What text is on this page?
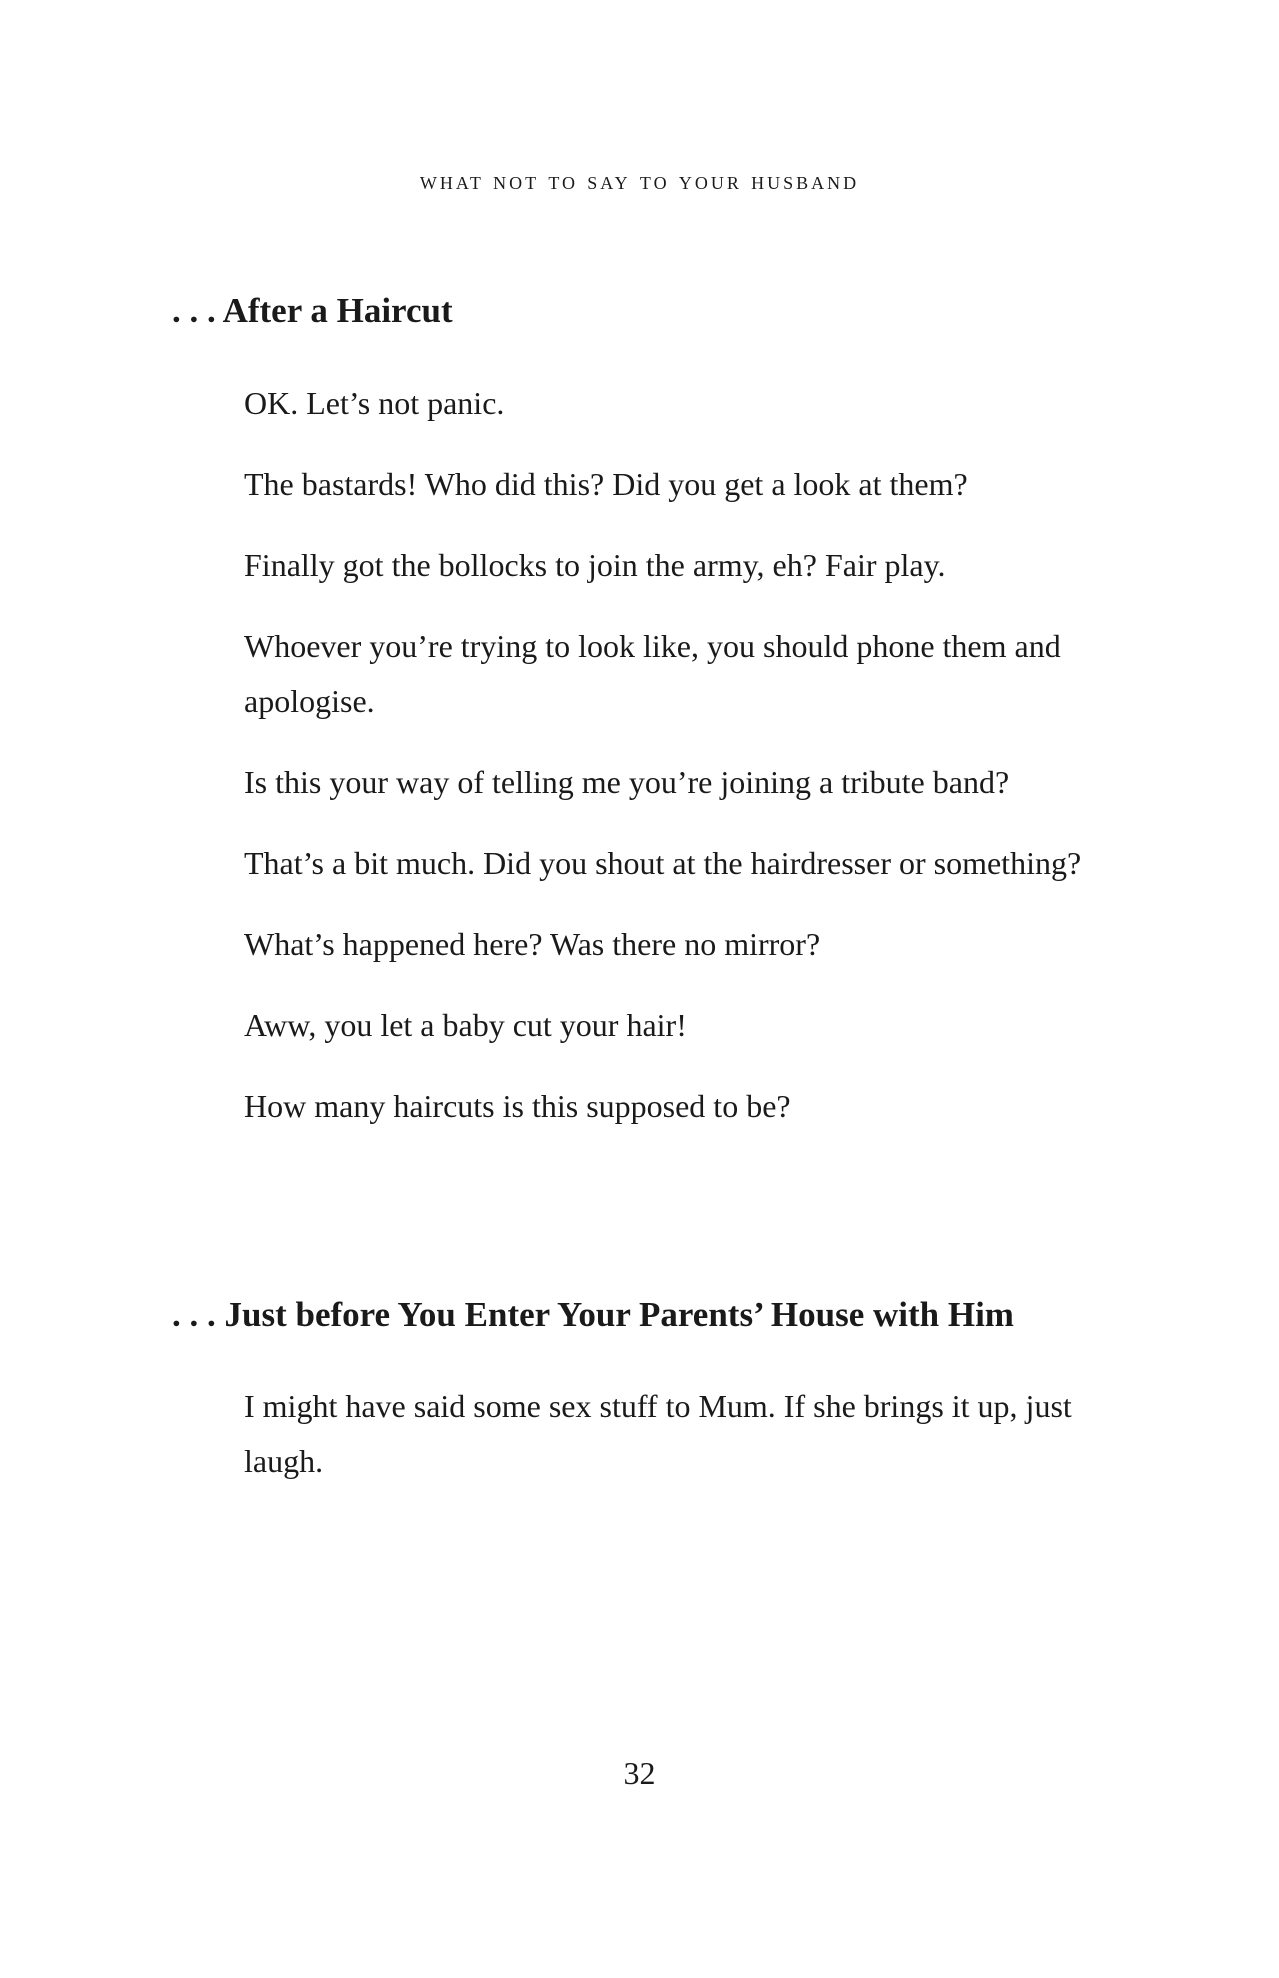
what not to say to your husband
. . . After a Haircut
OK. Let’s not panic.
The bastards! Who did this? Did you get a look at them?
Finally got the bollocks to join the army, eh? Fair play.
Whoever you’re trying to look like, you should phone them and apologise.
Is this your way of telling me you’re joining a tribute band?
That’s a bit much. Did you shout at the hairdresser or something?
What’s happened here? Was there no mirror?
Aww, you let a baby cut your hair!
How many haircuts is this supposed to be?
. . . Just before You Enter Your Parents’ House with Him
I might have said some sex stuff to Mum. If she brings it up, just laugh.
32
